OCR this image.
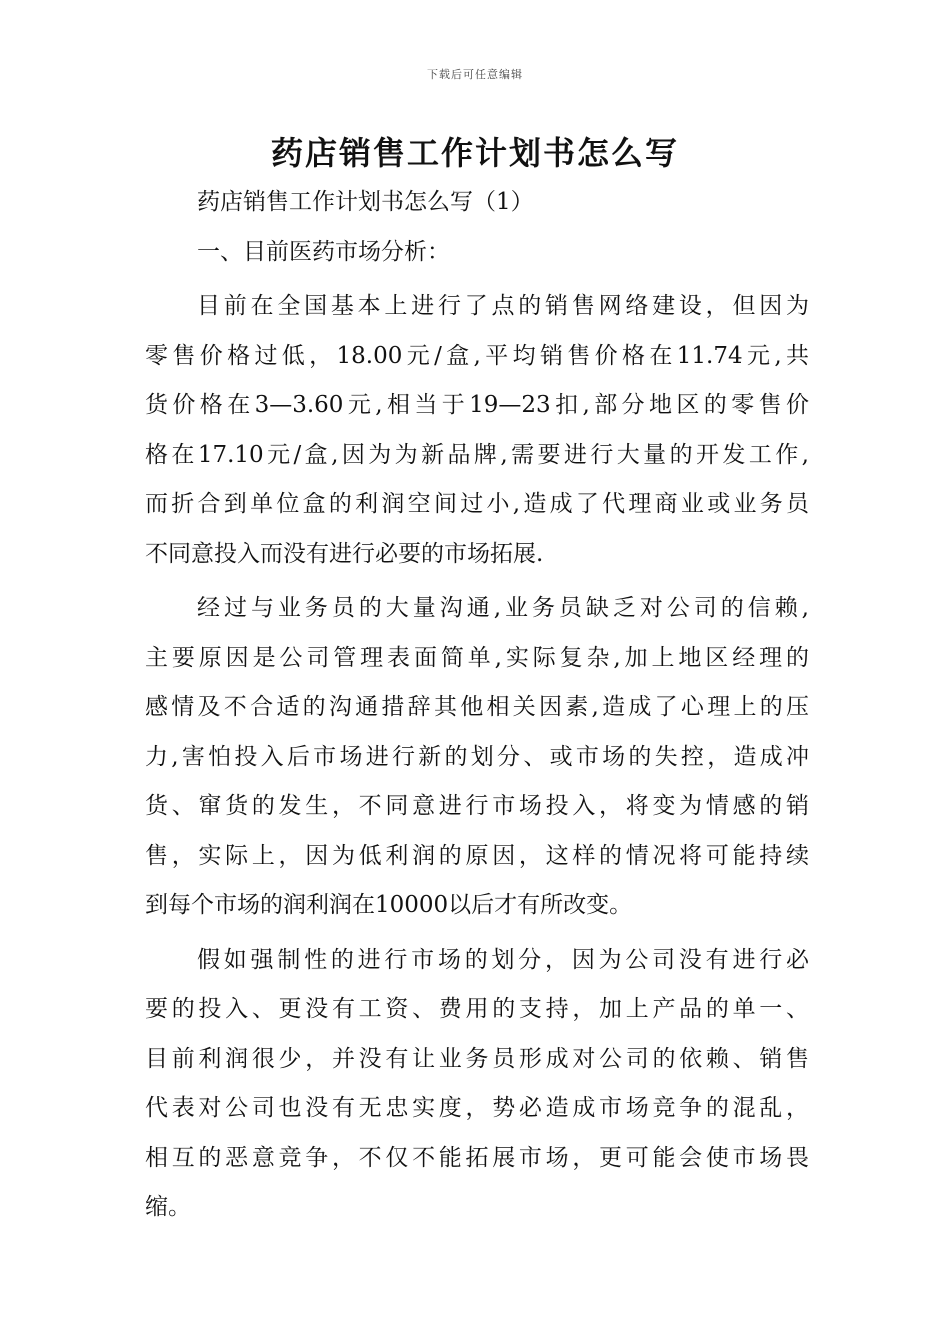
下载后可任意编辑
药店销售工作计划书怎么写
药店销售工作计划书怎么写（1）
一、目前医药市场分析：
目前在全国基本上进行了点的销售网络建设，但因为
零售价格过低，18.00元/盒,平均销售价格在11.74元,共
货价格在3—3.60元,相当于19—23扣,部分地区的零售价
格在17.10元/盒,因为为新品牌,需要进行大量的开发工作,
而折合到单位盒的利润空间过小,造成了代理商业或业务员
不同意投入而没有进行必要的市场拓展.
经过与业务员的大量沟通,业务员缺乏对公司的信赖,
主要原因是公司管理表面简单,实际复杂,加上地区经理的
感情及不合适的沟通措辞其他相关因素,造成了心理上的压
力,害怕投入后市场进行新的划分、或市场的失控，造成冲
货、窜货的发生，不同意进行市场投入，将变为情感的销
售，实际上，因为低利润的原因，这样的情况将可能持续
到每个市场的润利润在10000以后才有所改变。
假如强制性的进行市场的划分，因为公司没有进行必
要的投入、更没有工资、费用的支持，加上产品的单一、
目前利润很少，并没有让业务员形成对公司的依赖、销售
代表对公司也没有无忠实度，势必造成市场竞争的混乱，
相互的恶意竞争，不仅不能拓展市场，更可能会使市场畏
缩。
